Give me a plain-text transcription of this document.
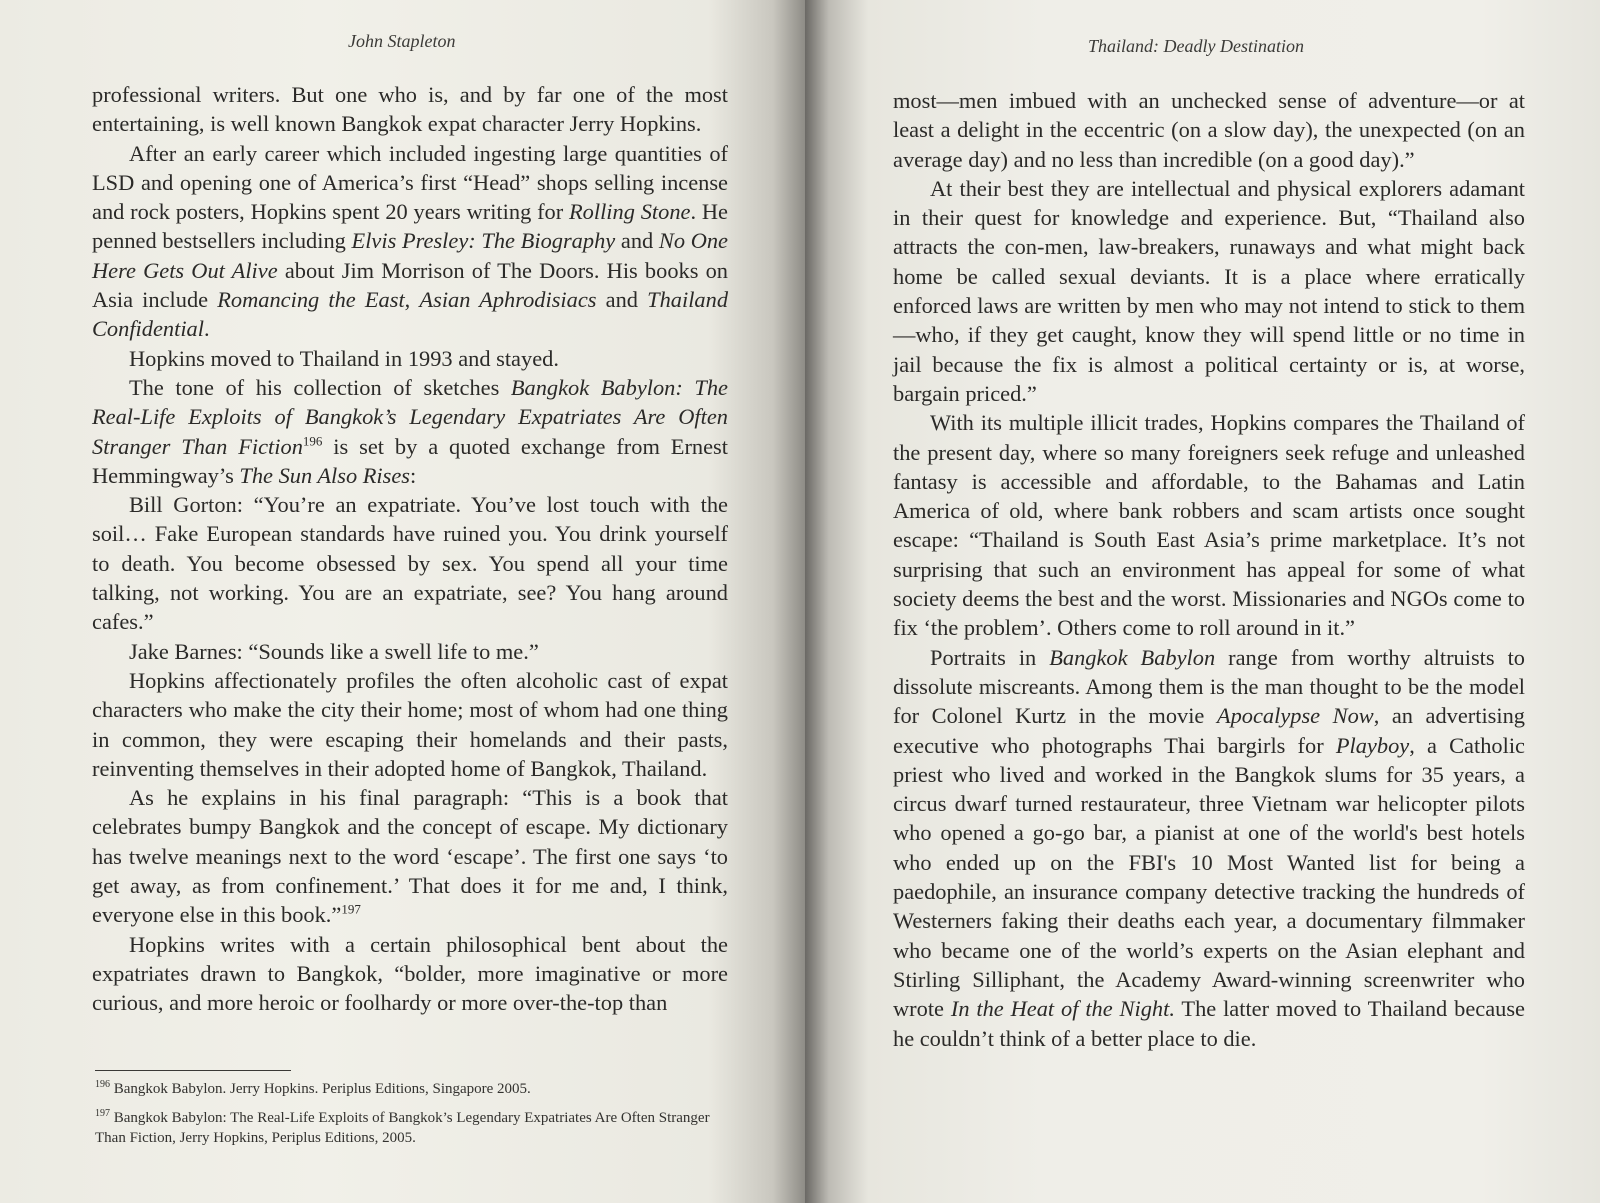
John Stapleton

professional writers. But one who is, and by far one of the most entertaining, is well known Bangkok expat character Jerry Hopkins.

After an early career which included ingesting large quantities of LSD and opening one of America’s first “Head” shops selling incense and rock posters, Hopkins spent 20 years writing for Rolling Stone. He penned bestsellers including Elvis Presley: The Biography and No One Here Gets Out Alive about Jim Morrison of The Doors. His books on Asia include Romancing the East, Asian Aphrodisiacs and Thailand Confidential.

Hopkins moved to Thailand in 1993 and stayed.

The tone of his collection of sketches Bangkok Babylon: The Real-Life Exploits of Bangkok’s Legendary Expatriates Are Often Stranger Than Fiction$^{196}$ is set by a quoted exchange from Ernest Hemmingway’s The Sun Also Rises:

Bill Gorton: “You’re an expatriate. You’ve lost touch with the soil… Fake European standards have ruined you. You drink yourself to death. You become obsessed by sex. You spend all your time talking, not working. You are an expatriate, see? You hang around cafes.”

Jake Barnes: “Sounds like a swell life to me.”

Hopkins affectionately profiles the often alcoholic cast of expat characters who make the city their home; most of whom had one thing in common, they were escaping their homelands and their pasts, reinventing themselves in their adopted home of Bangkok, Thailand.

As he explains in his final paragraph: “This is a book that celebrates bumpy Bangkok and the concept of escape. My dictionary has twelve meanings next to the word ‘escape’. The first one says ‘to get away, as from confinement.’ That does it for me and, I think, everyone else in this book.”$^{197}$

Hopkins writes with a certain philosophical bent about the expatriates drawn to Bangkok, “bolder, more imaginative or more curious, and more heroic or foolhardy or more over-the-top than

$^{196}$ Bangkok Babylon. Jerry Hopkins. Periplus Editions, Singapore 2005.

$^{197}$ Bangkok Babylon: The Real-Life Exploits of Bangkok’s Legendary Expatriates Are Often Stranger Than Fiction, Jerry Hopkins, Periplus Editions, 2005.

Thailand: Deadly Destination

most—men imbued with an unchecked sense of adventure—or at least a delight in the eccentric (on a slow day), the unexpected (on an average day) and no less than incredible (on a good day).”

At their best they are intellectual and physical explorers adamant in their quest for knowledge and experience. But, “Thailand also attracts the con-men, law-breakers, runaways and what might back home be called sexual deviants. It is a place where erratically enforced laws are written by men who may not intend to stick to them—who, if they get caught, know they will spend little or no time in jail because the fix is almost a political certainty or is, at worse, bargain priced.”

With its multiple illicit trades, Hopkins compares the Thailand of the present day, where so many foreigners seek refuge and unleashed fantasy is accessible and affordable, to the Bahamas and Latin America of old, where bank robbers and scam artists once sought escape: “Thailand is South East Asia’s prime marketplace. It’s not surprising that such an environment has appeal for some of what society deems the best and the worst. Missionaries and NGOs come to fix ‘the problem’. Others come to roll around in it.”

Portraits in Bangkok Babylon range from worthy altruists to dissolute miscreants. Among them is the man thought to be the model for Colonel Kurtz in the movie Apocalypse Now, an advertising executive who photographs Thai bargirls for Playboy, a Catholic priest who lived and worked in the Bangkok slums for 35 years, a circus dwarf turned restaurateur, three Vietnam war helicopter pilots who opened a go-go bar, a pianist at one of the world's best hotels who ended up on the FBI's 10 Most Wanted list for being a paedophile, an insurance company detective tracking the hundreds of Westerners faking their deaths each year, a documentary filmmaker who became one of the world’s experts on the Asian elephant and Stirling Silliphant, the Academy Award-winning screenwriter who wrote In the Heat of the Night. The latter moved to Thailand because he couldn’t think of a better place to die.
